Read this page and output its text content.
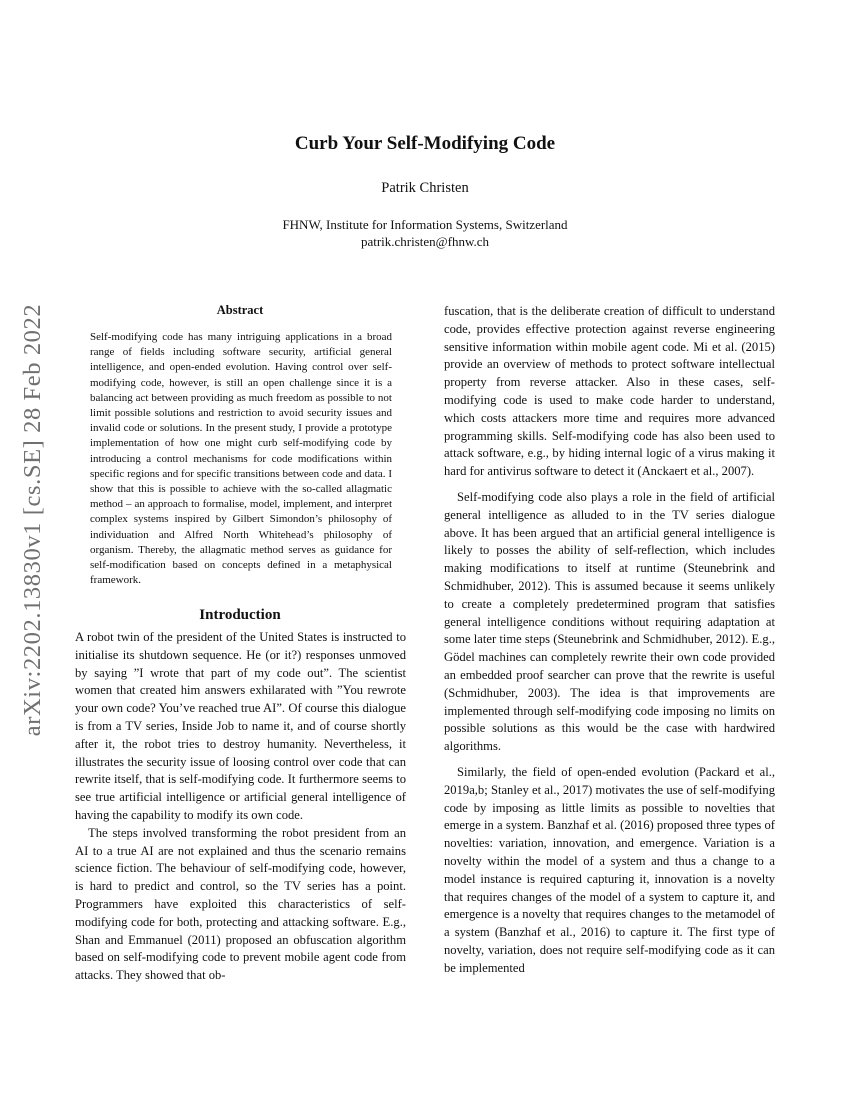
arXiv:2202.13830v1 [cs.SE] 28 Feb 2022
Curb Your Self-Modifying Code
Patrik Christen
FHNW, Institute for Information Systems, Switzerland
patrik.christen@fhnw.ch
Abstract

Self-modifying code has many intriguing applications in a broad range of fields including software security, artificial general intelligence, and open-ended evolution. Having control over self-modifying code, however, is still an open challenge since it is a balancing act between providing as much freedom as possible to not limit possible solutions and restriction to avoid security issues and invalid code or solutions. In the present study, I provide a prototype implementation of how one might curb self-modifying code by introducing a control mechanisms for code modifications within specific regions and for specific transitions between code and data. I show that this is possible to achieve with the so-called allagmatic method – an approach to formalise, model, implement, and interpret complex systems inspired by Gilbert Simondon’s philosophy of individuation and Alfred North Whitehead’s philosophy of organism. Thereby, the allagmatic method serves as guidance for self-modification based on concepts defined in a metaphysical framework.

Introduction

A robot twin of the president of the United States is instructed to initialise its shutdown sequence. He (or it?) responses unmoved by saying ”I wrote that part of my code out”. The scientist women that created him answers exhilarated with ”You rewrote your own code? You’ve reached true AI”. Of course this dialogue is from a TV series, Inside Job to name it, and of course shortly after it, the robot tries to destroy humanity. Nevertheless, it illustrates the security issue of loosing control over code that can rewrite itself, that is self-modifying code. It furthermore seems to see true artificial intelligence or artificial general intelligence of having the capability to modify its own code.

The steps involved transforming the robot president from an AI to a true AI are not explained and thus the scenario remains science fiction. The behaviour of self-modifying code, however, is hard to predict and control, so the TV series has a point. Programmers have exploited this characteristics of self-modifying code for both, protecting and attacking software. E.g., Shan and Emmanuel (2011) proposed an obfuscation algorithm based on self-modifying code to prevent mobile agent code from attacks. They showed that ob-

fuscation, that is the deliberate creation of difficult to understand code, provides effective protection against reverse engineering sensitive information within mobile agent code. Mi et al. (2015) provide an overview of methods to protect software intellectual property from reverse attacker. Also in these cases, self-modifying code is used to make code harder to understand, which costs attackers more time and requires more advanced programming skills. Self-modifying code has also been used to attack software, e.g., by hiding internal logic of a virus making it hard for antivirus software to detect it (Anckaert et al., 2007).

Self-modifying code also plays a role in the field of artificial general intelligence as alluded to in the TV series dialogue above. It has been argued that an artificial general intelligence is likely to posses the ability of self-reflection, which includes making modifications to itself at runtime (Steunebrink and Schmidhuber, 2012). This is assumed because it seems unlikely to create a completely predetermined program that satisfies general intelligence conditions without requiring adaptation at some later time steps (Steunebrink and Schmidhuber, 2012). E.g., Gödel machines can completely rewrite their own code provided an embedded proof searcher can prove that the rewrite is useful (Schmidhuber, 2003). The idea is that improvements are implemented through self-modifying code imposing no limits on possible solutions as this would be the case with hardwired algorithms.

Similarly, the field of open-ended evolution (Packard et al., 2019a,b; Stanley et al., 2017) motivates the use of self-modifying code by imposing as little limits as possible to novelties that emerge in a system. Banzhaf et al. (2016) proposed three types of novelties: variation, innovation, and emergence. Variation is a novelty within the model of a system and thus a change to a model instance is required capturing it, innovation is a novelty that requires changes of the model of a system to capture it, and emergence is a novelty that requires changes to the metamodel of a system (Banzhaf et al., 2016) to capture it. The first type of novelty, variation, does not require self-modifying code as it can be implemented
